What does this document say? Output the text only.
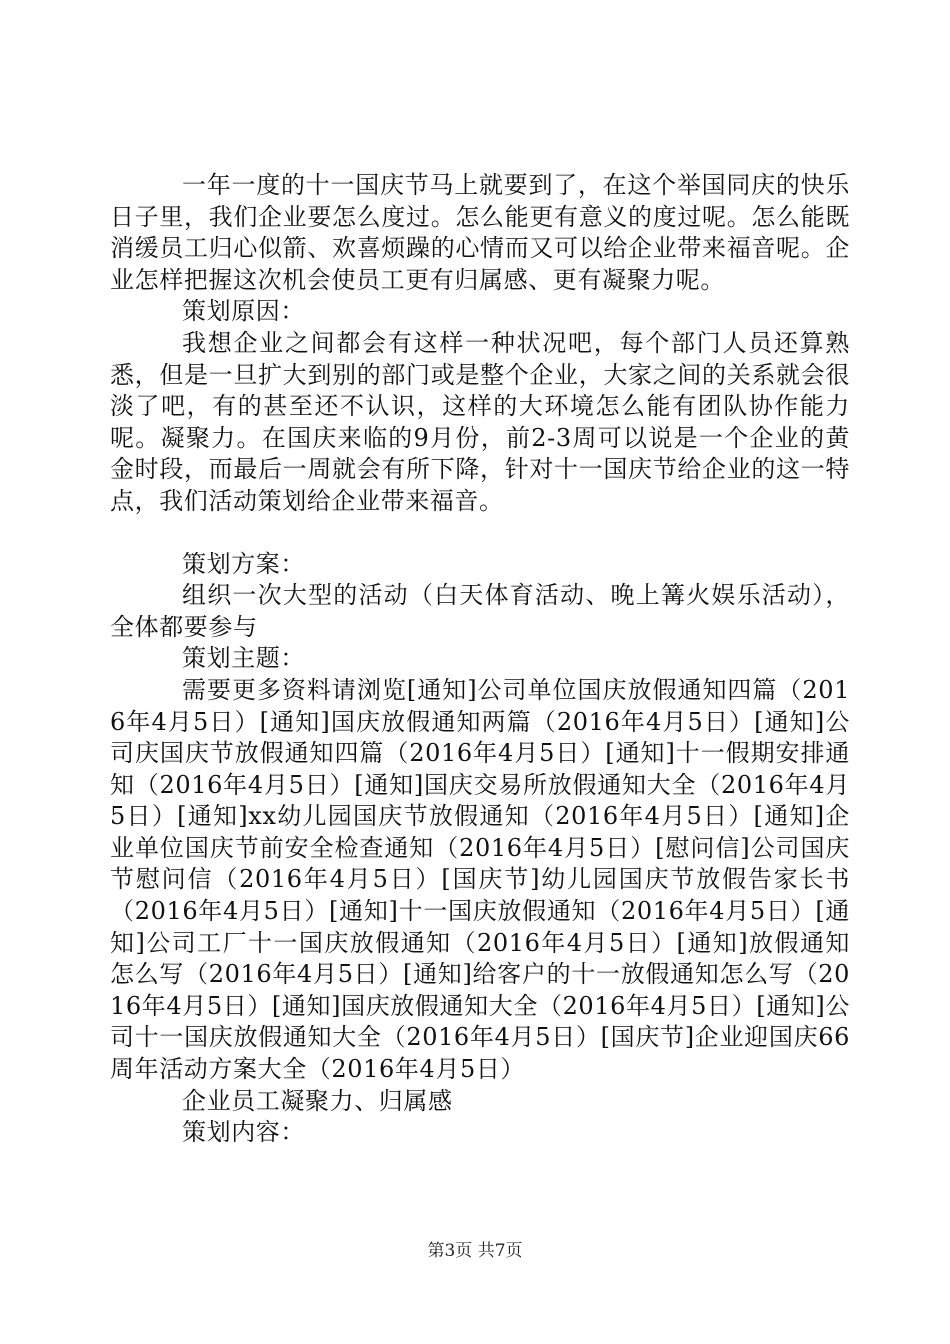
一年一度的十一国庆节马上就要到了，在这个举国同庆的快乐日子里，我们企业要怎么度过。怎么能更有意义的度过呢。怎么能既消缓员工归心似箭、欢喜烦躁的心情而又可以给企业带来福音呢。企业怎样把握这次机会使员工更有归属感、更有凝聚力呢。

策划原因：

我想企业之间都会有这样一种状况吧，每个部门人员还算熟悉，但是一旦扩大到别的部门或是整个企业，大家之间的关系就会很淡了吧，有的甚至还不认识，这样的大环境怎么能有团队协作能力呢。凝聚力。在国庆来临的9月份，前2-3周可以说是一个企业的黄金时段，而最后一周就会有所下降，针对十一国庆节给企业的这一特点，我们活动策划给企业带来福音。

策划方案：

组织一次大型的活动（白天体育活动、晚上篝火娱乐活动），全体都要参与

策划主题：

需要更多资料请浏览[通知]公司单位国庆放假通知四篇（2016年4月5日）[通知]国庆放假通知两篇（2016年4月5日）[通知]公司庆国庆节放假通知四篇（2016年4月5日）[通知]十一假期安排通知（2016年4月5日）[通知]国庆交易所放假通知大全（2016年4月5日）[通知]xx幼儿园国庆节放假通知（2016年4月5日）[通知]企业单位国庆节前安全检查通知（2016年4月5日）[慰问信]公司国庆节慰问信（2016年4月5日）[国庆节]幼儿园国庆节放假告家长书（2016年4月5日）[通知]十一国庆放假通知（2016年4月5日）[通知]公司工厂十一国庆放假通知（2016年4月5日）[通知]放假通知怎么写（2016年4月5日）[通知]给客户的十一放假通知怎么写（2016年4月5日）[通知]国庆放假通知大全（2016年4月5日）[通知]公司十一国庆放假通知大全（2016年4月5日）[国庆节]企业迎国庆66周年活动方案大全（2016年4月5日）

企业员工凝聚力、归属感

策划内容：

第3页 共7页
